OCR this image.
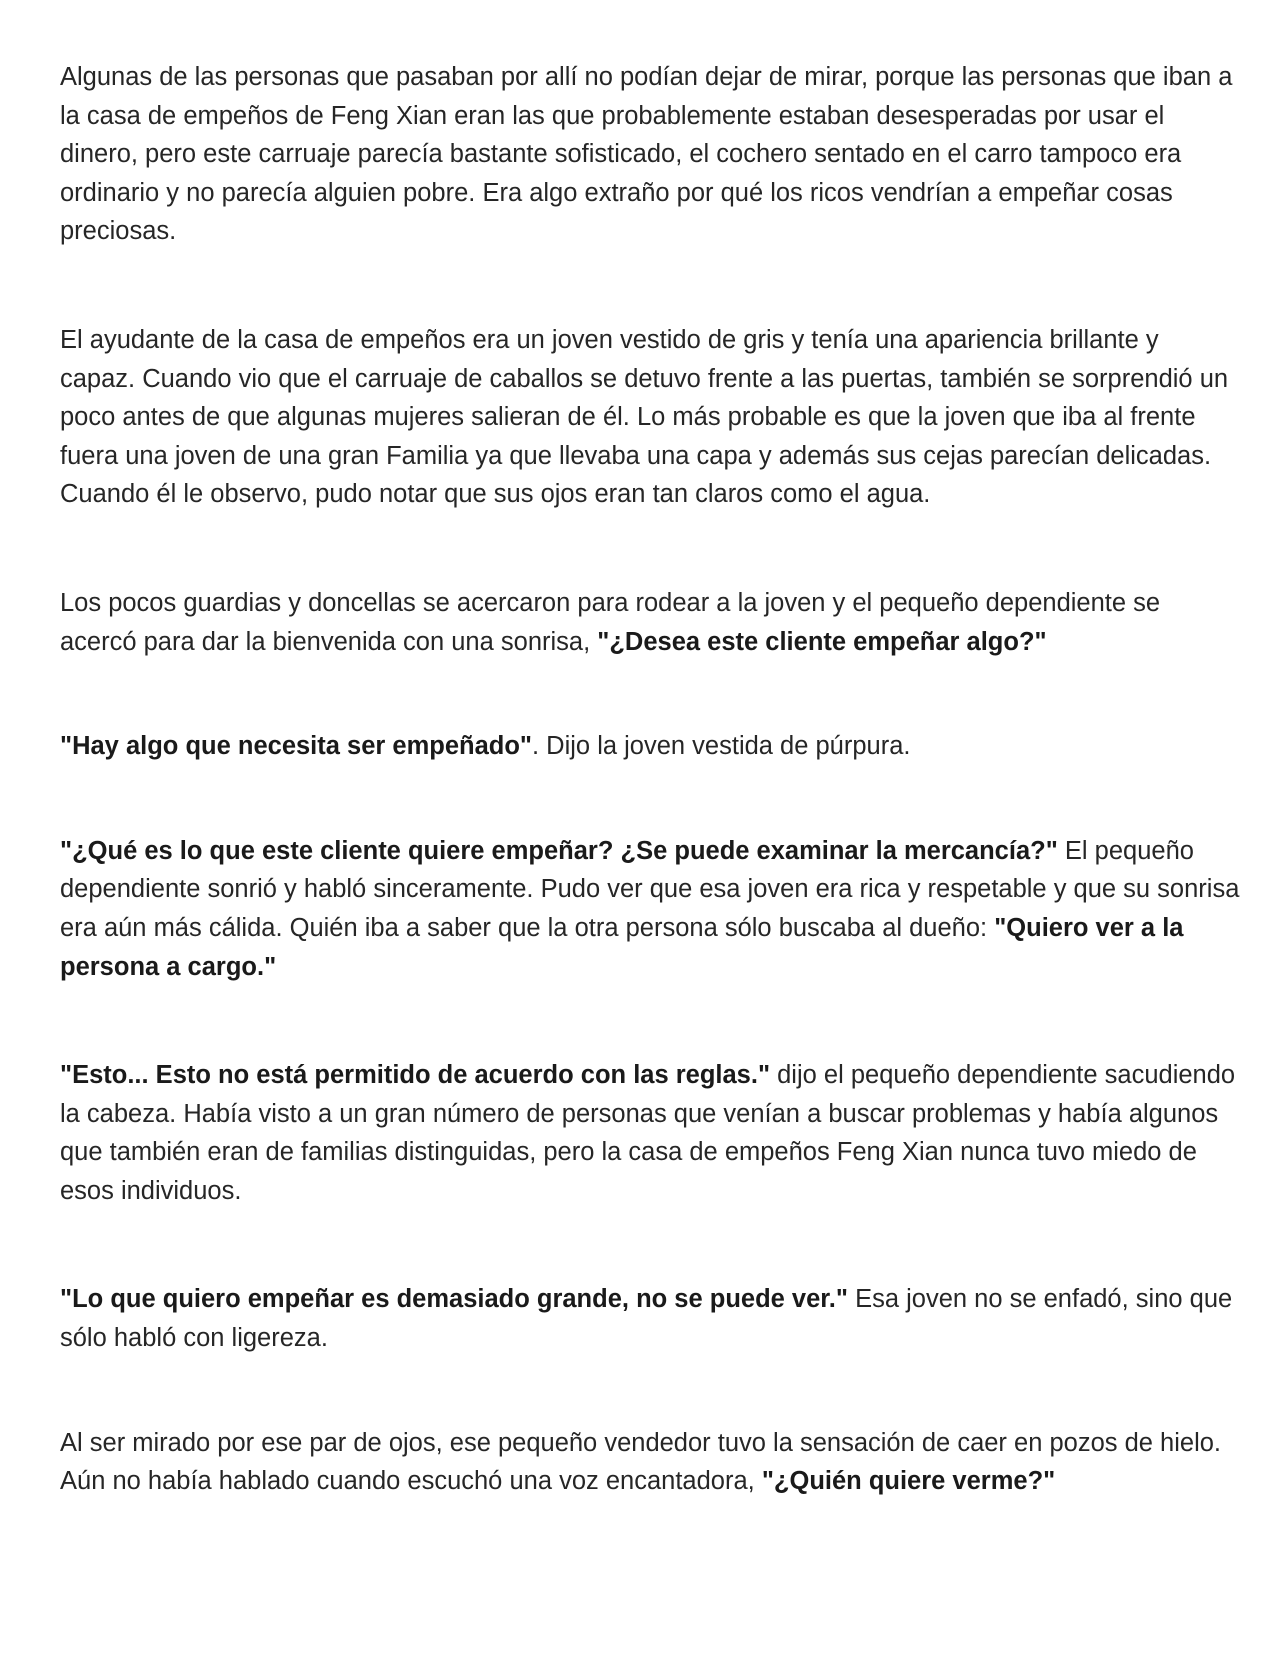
Algunas de las personas que pasaban por allí no podían dejar de mirar, porque las personas que iban a la casa de empeños de Feng Xian eran las que probablemente estaban desesperadas por usar el dinero, pero este carruaje parecía bastante sofisticado, el cochero sentado en el carro tampoco era ordinario y no parecía alguien pobre. Era algo extraño por qué los ricos vendrían a empeñar cosas preciosas.

El ayudante de la casa de empeños era un joven vestido de gris y tenía una apariencia brillante y capaz. Cuando vio que el carruaje de caballos se detuvo frente a las puertas, también se sorprendió un poco antes de que algunas mujeres salieran de él. Lo más probable es que la joven que iba al frente fuera una joven de una gran Familia ya que llevaba una capa y además sus cejas parecían delicadas. Cuando él le observo, pudo notar que sus ojos eran tan claros como el agua.

Los pocos guardias y doncellas se acercaron para rodear a la joven y el pequeño dependiente se acercó para dar la bienvenida con una sonrisa, "¿Desea este cliente empeñar algo?"

"Hay algo que necesita ser empeñado". Dijo la joven vestida de púrpura.

"¿Qué es lo que este cliente quiere empeñar? ¿Se puede examinar la mercancía?" El pequeño dependiente sonrió y habló sinceramente. Pudo ver que esa joven era rica y respetable y que su sonrisa era aún más cálida. Quién iba a saber que la otra persona sólo buscaba al dueño: "Quiero ver a la persona a cargo."

"Esto... Esto no está permitido de acuerdo con las reglas." dijo el pequeño dependiente sacudiendo la cabeza. Había visto a un gran número de personas que venían a buscar problemas y había algunos que también eran de familias distinguidas, pero la casa de empeños Feng Xian nunca tuvo miedo de esos individuos.

"Lo que quiero empeñar es demasiado grande, no se puede ver." Esa joven no se enfadó, sino que sólo habló con ligereza.

Al ser mirado por ese par de ojos, ese pequeño vendedor tuvo la sensación de caer en pozos de hielo. Aún no había hablado cuando escuchó una voz encantadora, "¿Quién quiere verme?"
